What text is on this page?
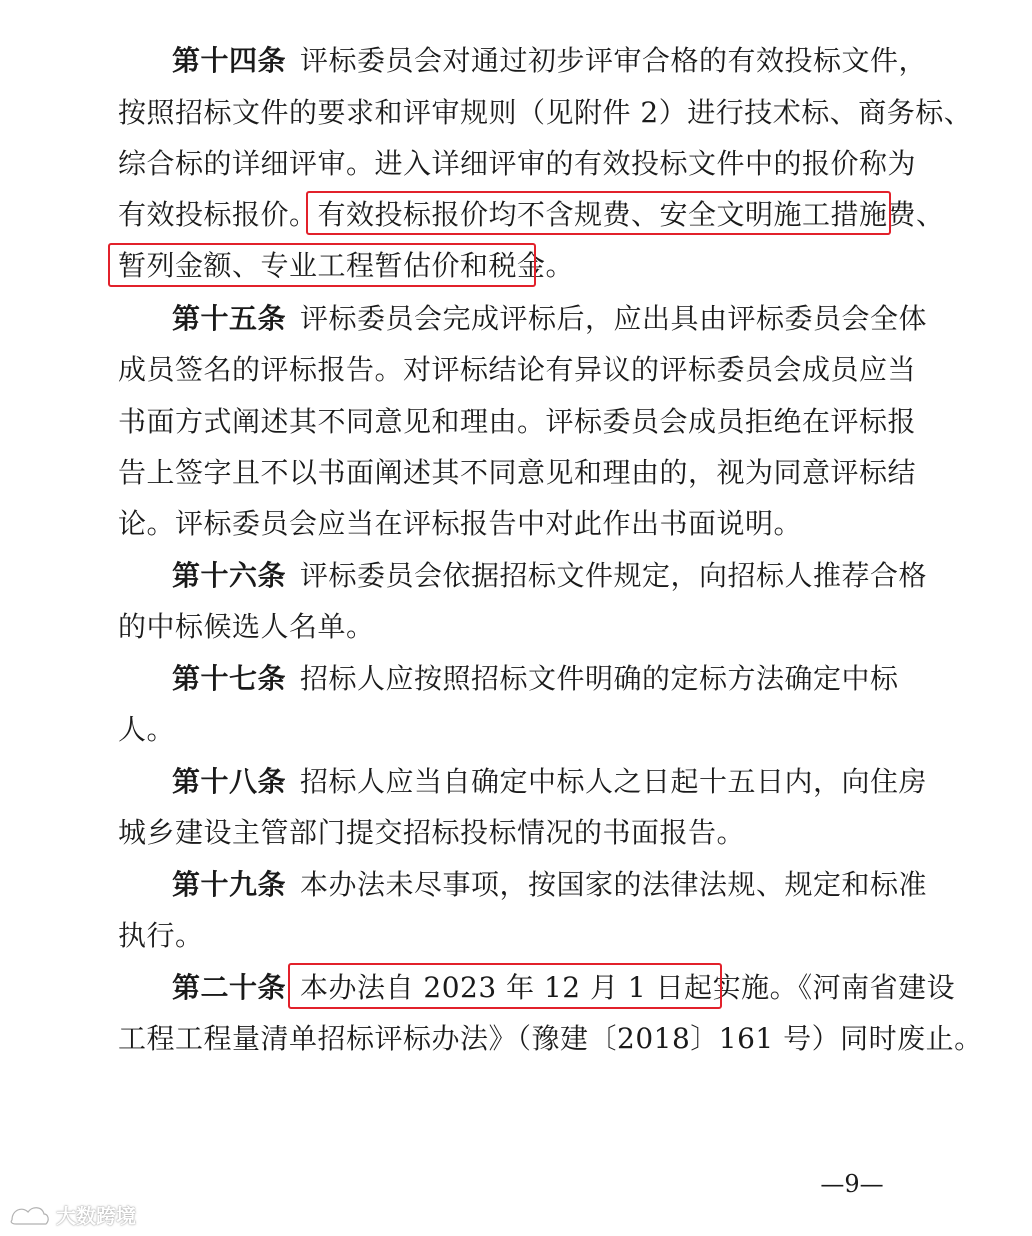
第十四条 评标委员会对通过初步评审合格的有效投标文件，
按照招标文件的要求和评审规则（见附件 2）进行技术标、商务标、
综合标的详细评审。进入详细评审的有效投标文件中的报价称为
有效投标报价。有效投标报价均不含规费、安全文明施工措施费、
暂列金额、专业工程暂估价和税金。
第十五条 评标委员会完成评标后，应出具由评标委员会全体
成员签名的评标报告。对评标结论有异议的评标委员会成员应当
书面方式阐述其不同意见和理由。评标委员会成员拒绝在评标报
告上签字且不以书面阐述其不同意见和理由的，视为同意评标结
论。评标委员会应当在评标报告中对此作出书面说明。
第十六条 评标委员会依据招标文件规定，向招标人推荐合格
的中标候选人名单。
第十七条 招标人应按照招标文件明确的定标方法确定中标
人。
第十八条 招标人应当自确定中标人之日起十五日内，向住房
城乡建设主管部门提交招标投标情况的书面报告。
第十九条 本办法未尽事项，按国家的法律法规、规定和标准
执行。
第二十条 本办法自 2023 年 12 月 1 日起实施。《河南省建设
工程工程量清单招标评标办法》（豫建〔2018〕161 号）同时废止。
—9—
大数跨境
